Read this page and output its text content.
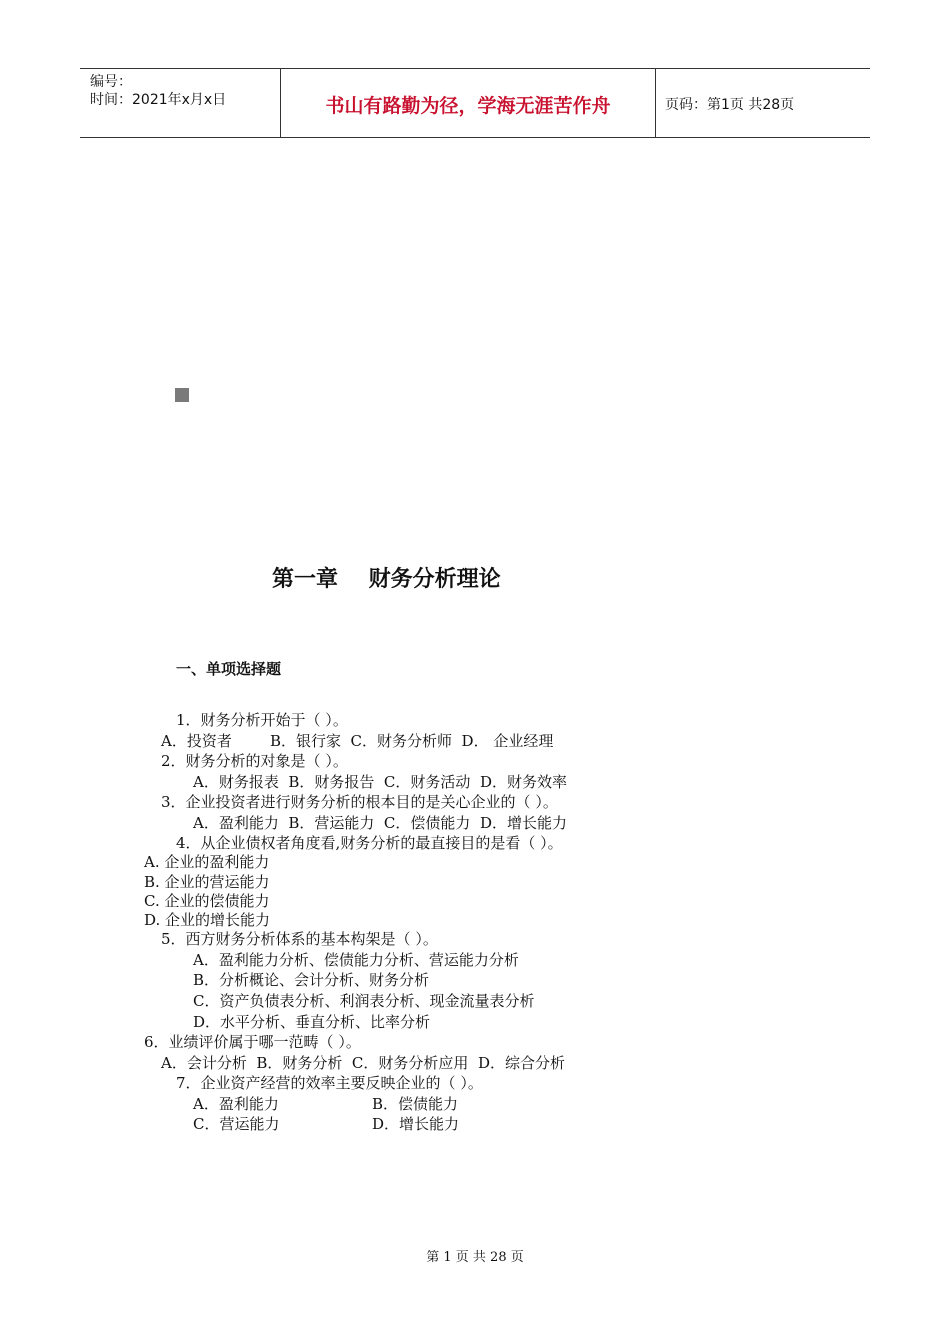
编号：
时间：2021年x月x日	书山有路勤为径，学海无涯苦作舟	页码：第1页 共28页
第一章    财务分析理论
一、单项选择题
1．财务分析开始于（ ）。
A．投资者        B．银行家  C．财务分析师  D． 企业经理
2．财务分析的对象是（ ）。
A．财务报表  B．财务报告  C．财务活动  D．财务效率
3．企业投资者进行财务分析的根本目的是关心企业的（ ）。
A．盈利能力  B．营运能力  C．偿债能力  D．增长能力
4．从企业债权者角度看,财务分析的最直接目的是看（ ）。
A. 企业的盈利能力
B. 企业的营运能力
C. 企业的偿债能力
D. 企业的增长能力
5．西方财务分析体系的基本构架是（ ）。
A．盈利能力分析、偿债能力分析、营运能力分析
B．分析概论、会计分析、财务分析
C．资产负债表分析、利润表分析、现金流量表分析
D．水平分析、垂直分析、比率分析
6．业绩评价属于哪一范畴（ ）。
A．会计分析  B．财务分析  C．财务分析应用  D．综合分析
7．企业资产经营的效率主要反映企业的（ ）。
A．盈利能力	B．偿债能力
C．营运能力	D．增长能力
第 1 页 共 28 页
